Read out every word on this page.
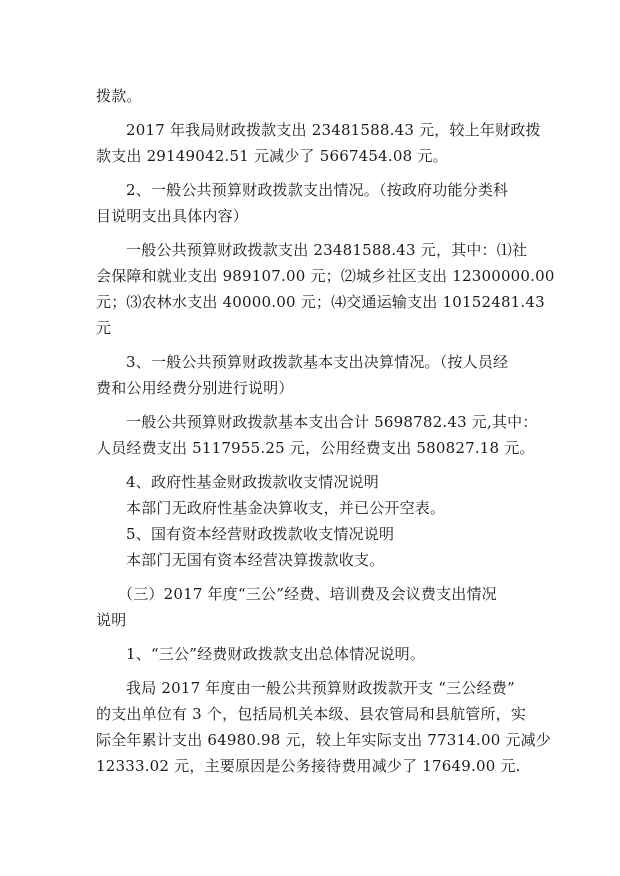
拨款。
2017 年我局财政拨款支出 23481588.43 元，较上年财政拨
款支出 29149042.51 元减少了 5667454.08 元。
2、一般公共预算财政拨款支出情况。（按政府功能分类科
目说明支出具体内容）
一般公共预算财政拨款支出 23481588.43 元，其中：⑴社
会保障和就业支出 989107.00 元；⑵城乡社区支出 12300000.00
元；⑶农林水支出 40000.00 元；⑷交通运输支出 10152481.43
元
3、一般公共预算财政拨款基本支出决算情况。（按人员经
费和公用经费分别进行说明）
一般公共预算财政拨款基本支出合计 5698782.43 元,其中：
人员经费支出 5117955.25 元，公用经费支出 580827.18 元。
4、政府性基金财政拨款收支情况说明
本部门无政府性基金决算收支，并已公开空表。
5、国有资本经营财政拨款收支情况说明
本部门无国有资本经营决算拨款收支。
（三）2017 年度“三公”经费、培训费及会议费支出情况
说明
1、“三公”经费财政拨款支出总体情况说明。
我局 2017 年度由一般公共预算财政拨款开支 “三公经费”
的支出单位有 3 个，包括局机关本级、县农管局和县航管所，实
际全年累计支出 64980.98 元，较上年实际支出 77314.00 元减少
12333.02 元，主要原因是公务接待费用减少了 17649.00 元.
